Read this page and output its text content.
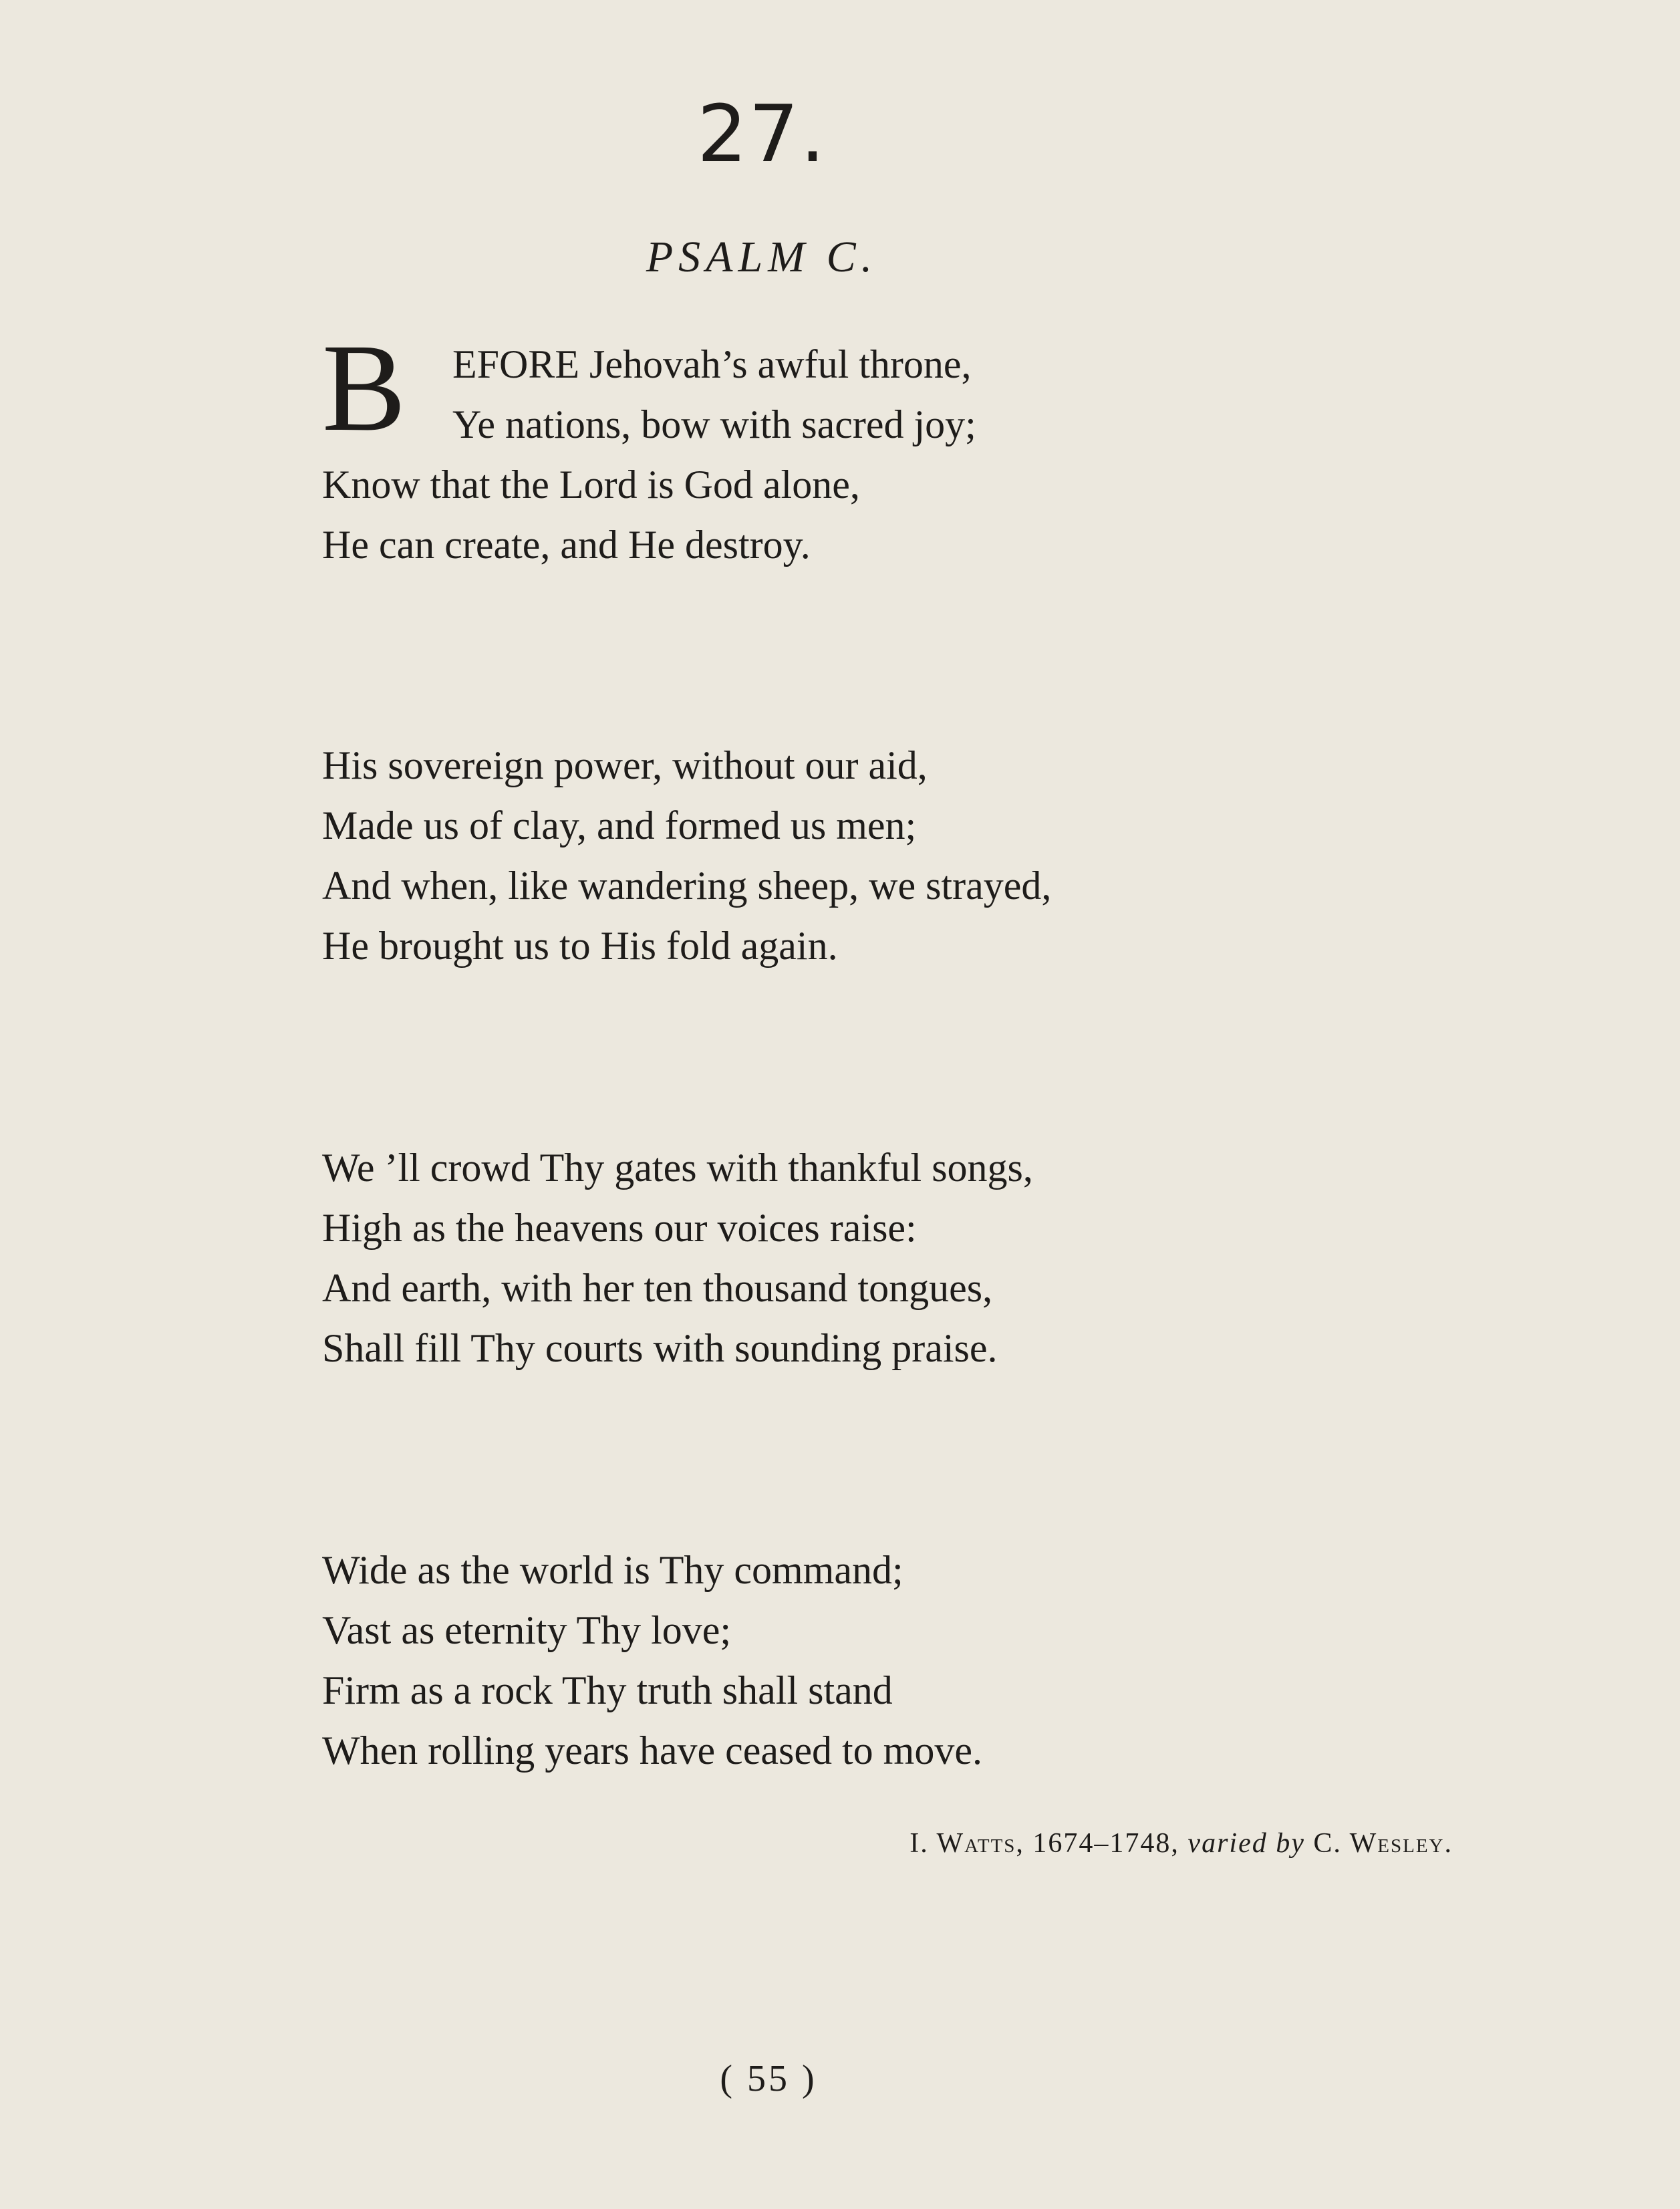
27.
PSALM C.
B EFORE Jehovah’s awful throne,
Ye nations, bow with sacred joy;
Know that the Lord is God alone,
He can create, and He destroy.
His sovereign power, without our aid,
Made us of clay, and formed us men;
And when, like wandering sheep, we strayed,
He brought us to His fold again.
We ’ll crowd Thy gates with thankful songs,
High as the heavens our voices raise:
And earth, with her ten thousand tongues,
Shall fill Thy courts with sounding praise.
Wide as the world is Thy command;
Vast as eternity Thy love;
Firm as a rock Thy truth shall stand
When rolling years have ceased to move.
I. Watts, 1674–1748, varied by C. Wesley.
( 55 )
